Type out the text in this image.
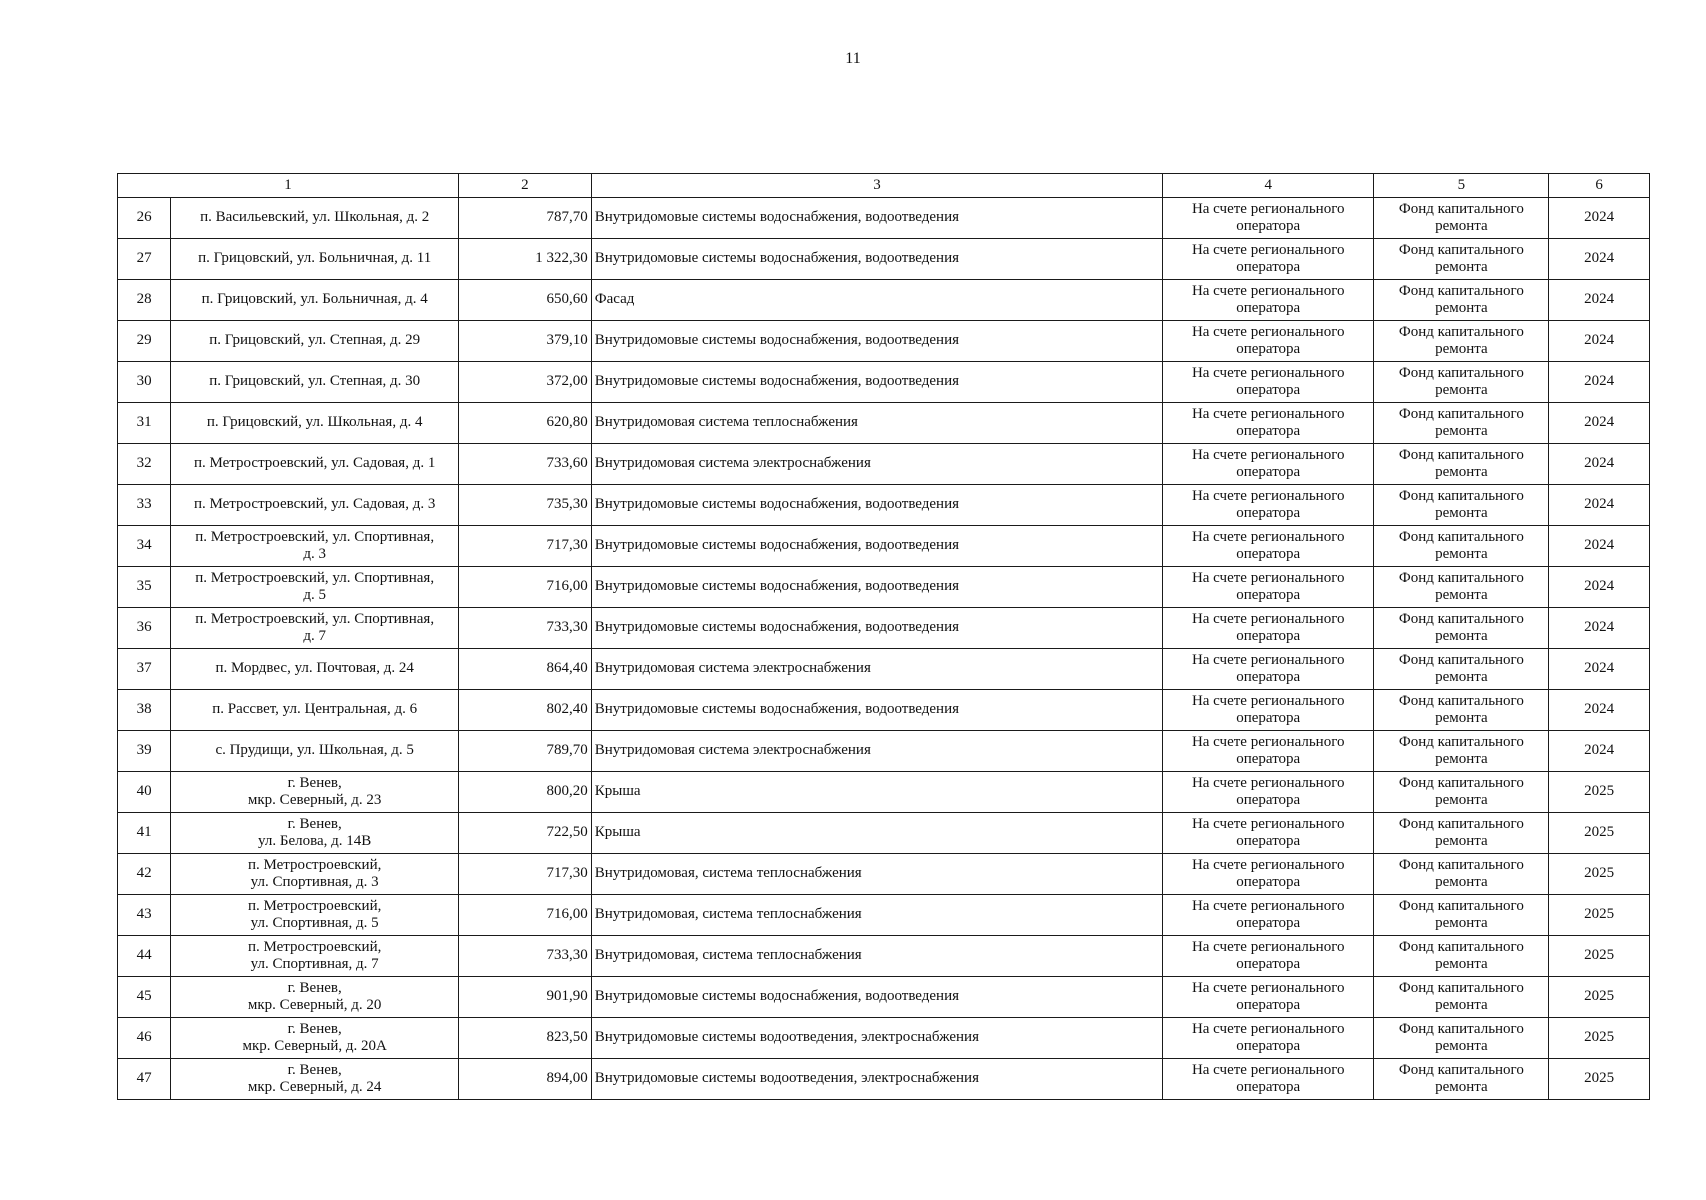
11
1		2	3	4	5	6
26	п. Васильевский, ул. Школьная, д. 2	787,70	Внутридомовые системы водоснабжения, водоотведения	На счете регионального
оператора	Фонд капитального
ремонта	2024
27	п. Грицовский, ул. Больничная, д. 11	1 322,30	Внутридомовые системы водоснабжения, водоотведения	На счете регионального
оператора	Фонд капитального
ремонта	2024
28	п. Грицовский, ул. Больничная, д. 4	650,60	Фасад	На счете регионального
оператора	Фонд капитального
ремонта	2024
29	п. Грицовский, ул. Степная, д. 29	379,10	Внутридомовые системы водоснабжения, водоотведения	На счете регионального
оператора	Фонд капитального
ремонта	2024
30	п. Грицовский, ул. Степная, д. 30	372,00	Внутридомовые системы водоснабжения, водоотведения	На счете регионального
оператора	Фонд капитального
ремонта	2024
31	п. Грицовский, ул. Школьная, д. 4	620,80	Внутридомовая система теплоснабжения	На счете регионального
оператора	Фонд капитального
ремонта	2024
32	п. Метростроевский, ул. Садовая, д. 1	733,60	Внутридомовая система электроснабжения	На счете регионального
оператора	Фонд капитального
ремонта	2024
33	п. Метростроевский, ул. Садовая, д. 3	735,30	Внутридомовые системы водоснабжения, водоотведения	На счете регионального
оператора	Фонд капитального
ремонта	2024
34	п. Метростроевский, ул. Спортивная,
д. 3	717,30	Внутридомовые системы водоснабжения, водоотведения	На счете регионального
оператора	Фонд капитального
ремонта	2024
35	п. Метростроевский, ул. Спортивная,
д. 5	716,00	Внутридомовые системы водоснабжения, водоотведения	На счете регионального
оператора	Фонд капитального
ремонта	2024
36	п. Метростроевский, ул. Спортивная,
д. 7	733,30	Внутридомовые системы водоснабжения, водоотведения	На счете регионального
оператора	Фонд капитального
ремонта	2024
37	п. Мордвес, ул. Почтовая, д. 24	864,40	Внутридомовая система электроснабжения	На счете регионального
оператора	Фонд капитального
ремонта	2024
38	п. Рассвет, ул. Центральная, д. 6	802,40	Внутридомовые системы водоснабжения, водоотведения	На счете регионального
оператора	Фонд капитального
ремонта	2024
39	с. Прудищи, ул. Школьная, д. 5	789,70	Внутридомовая система электроснабжения	На счете регионального
оператора	Фонд капитального
ремонта	2024
40	г. Венев,
мкр. Северный, д. 23	800,20	Крыша	На счете регионального
оператора	Фонд капитального
ремонта	2025
41	г. Венев,
ул. Белова, д. 14В	722,50	Крыша	На счете регионального
оператора	Фонд капитального
ремонта	2025
42	п. Метростроевский,
ул. Спортивная, д. 3	717,30	Внутридомовая, система теплоснабжения	На счете регионального
оператора	Фонд капитального
ремонта	2025
43	п. Метростроевский,
ул. Спортивная, д. 5	716,00	Внутридомовая, система теплоснабжения	На счете регионального
оператора	Фонд капитального
ремонта	2025
44	п. Метростроевский,
ул. Спортивная, д. 7	733,30	Внутридомовая, система теплоснабжения	На счете регионального
оператора	Фонд капитального
ремонта	2025
45	г. Венев,
мкр. Северный, д. 20	901,90	Внутридомовые системы водоснабжения, водоотведения	На счете регионального
оператора	Фонд капитального
ремонта	2025
46	г. Венев,
мкр. Северный, д. 20А	823,50	Внутридомовые системы водоотведения, электроснабжения	На счете регионального
оператора	Фонд капитального
ремонта	2025
47	г. Венев,
мкр. Северный, д. 24	894,00	Внутридомовые системы водоотведения, электроснабжения	На счете регионального
оператора	Фонд капитального
ремонта	2025
